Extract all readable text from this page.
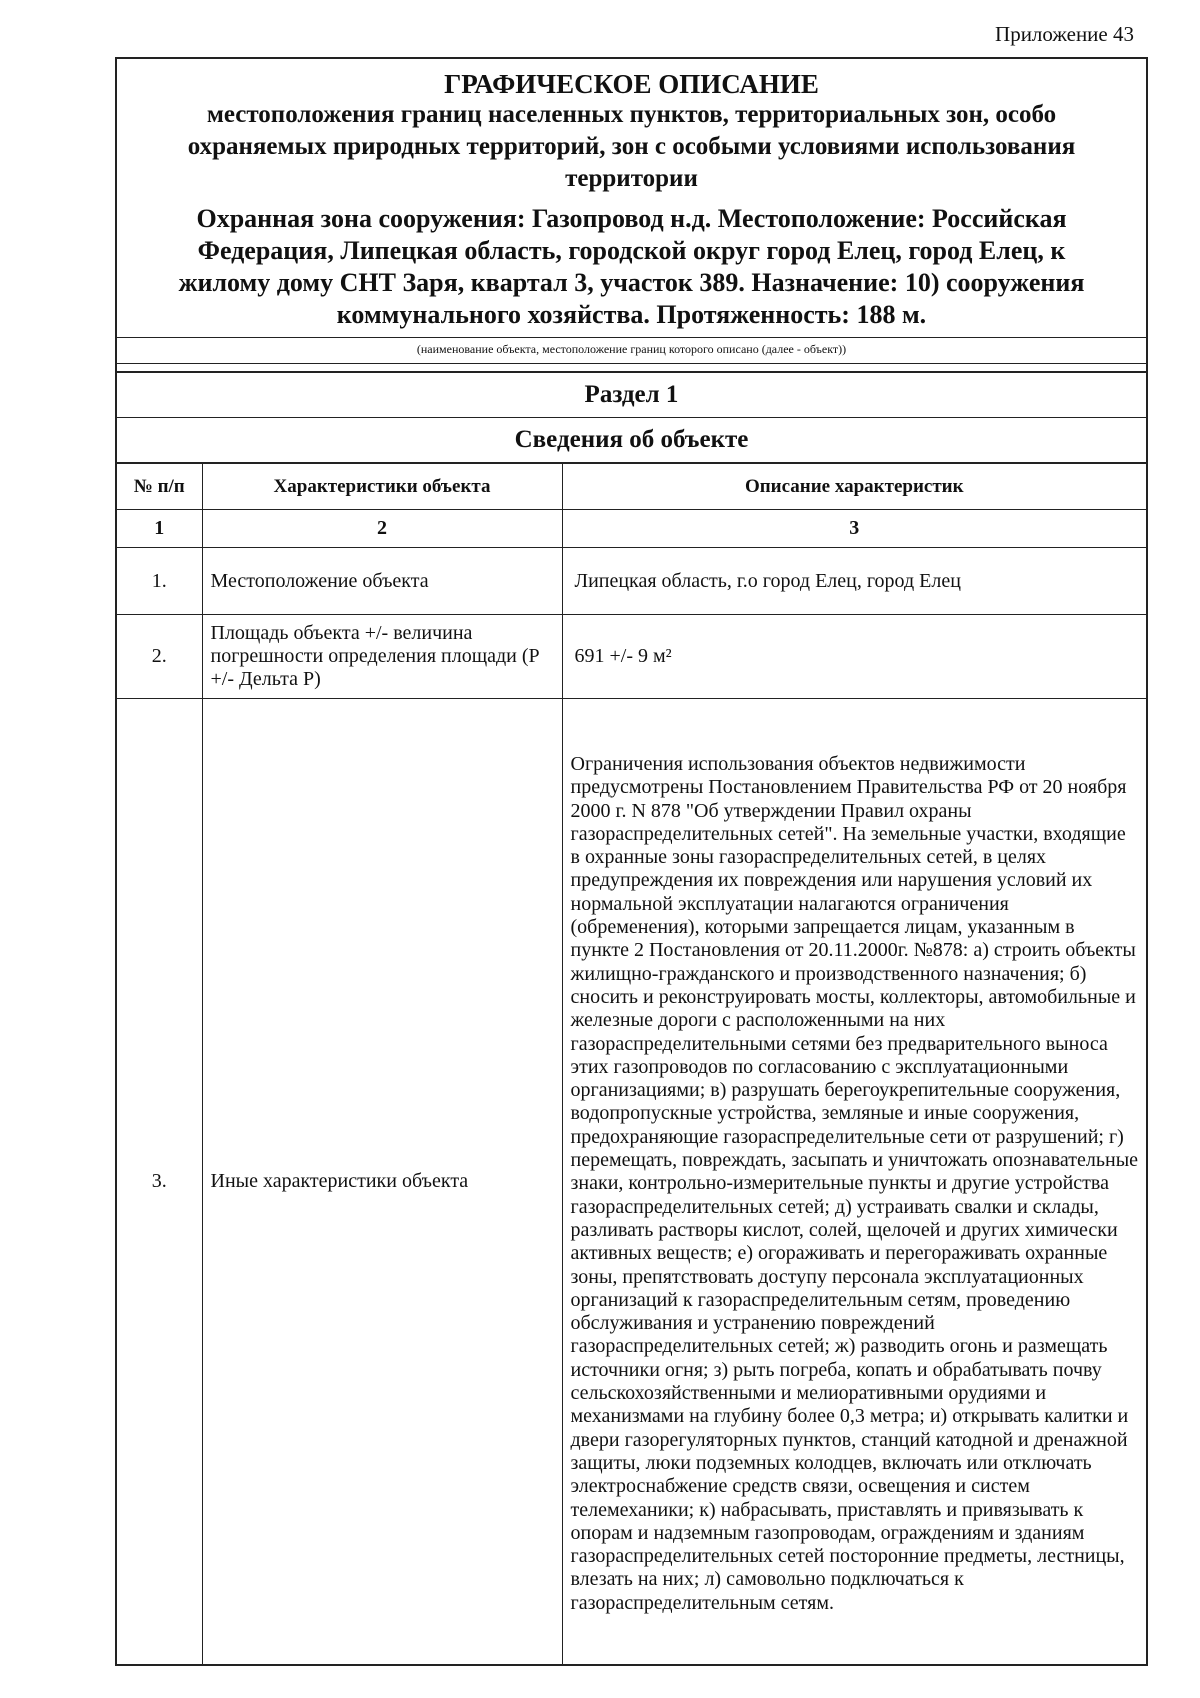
Приложение 43
ГРАФИЧЕСКОЕ ОПИСАНИЕ
местоположения границ населенных пунктов, территориальных зон, особо охраняемых природных территорий, зон с особыми условиями использования территории
Охранная зона сооружения: Газопровод н.д. Местоположение: Российская Федерация, Липецкая область, городской округ город Елец, город Елец, к жилому дому СНТ Заря, квартал 3, участок 389. Назначение: 10) сооружения коммунального хозяйства. Протяженность: 188 м.
(наименование объекта, местоположение границ которого описано (далее - объект))
Раздел 1
Сведения об объекте
№ п/п	Характеристики объекта	Описание характеристик
1	2	3
1.	Местоположение объекта	Липецкая область, г.о город Елец, город Елец
2.	Площадь объекта +/- величина погрешности определения площади (P +/- Дельта P)	691 +/- 9 м²
3.	Иные характеристики объекта	Ограничения использования объектов недвижимости предусмотрены Постановлением Правительства РФ от 20 ноября 2000 г. N 878 "Об утверждении Правил охраны газораспределительных сетей". На земельные участки, входящие в охранные зоны газораспределительных сетей, в целях предупреждения их повреждения или нарушения условий их нормальной эксплуатации налагаются ограничения (обременения), которыми запрещается лицам, указанным в пункте 2 Постановления от 20.11.2000г. №878: а) строить объекты жилищно-гражданского и производственного назначения; б) сносить и реконструировать мосты, коллекторы, автомобильные и железные дороги с расположенными на них газораспределительными сетями без предварительного выноса этих газопроводов по согласованию с эксплуатационными организациями; в) разрушать берегоукрепительные сооружения, водопропускные устройства, земляные и иные сооружения, предохраняющие газораспределительные сети от разрушений; г) перемещать, повреждать, засыпать и уничтожать опознавательные знаки, контрольно-измерительные пункты и другие устройства газораспределительных сетей; д) устраивать свалки и склады, разливать растворы кислот, солей, щелочей и других химически активных веществ; е) огораживать и перегораживать охранные зоны, препятствовать доступу персонала эксплуатационных организаций к газораспределительным сетям, проведению обслуживания и устранению повреждений газораспределительных сетей; ж) разводить огонь и размещать источники огня; з) рыть погреба, копать и обрабатывать почву сельскохозяйственными и мелиоративными орудиями и механизмами на глубину более 0,3 метра; и) открывать калитки и двери газорегуляторных пунктов, станций катодной и дренажной защиты, люки подземных колодцев, включать или отключать электроснабжение средств связи, освещения и систем телемеханики; к) набрасывать, приставлять и привязывать к опорам и надземным газопроводам, ограждениям и зданиям газораспределительных сетей посторонние предметы, лестницы, влезать на них; л) самовольно подключаться к газораспределительным сетям.
